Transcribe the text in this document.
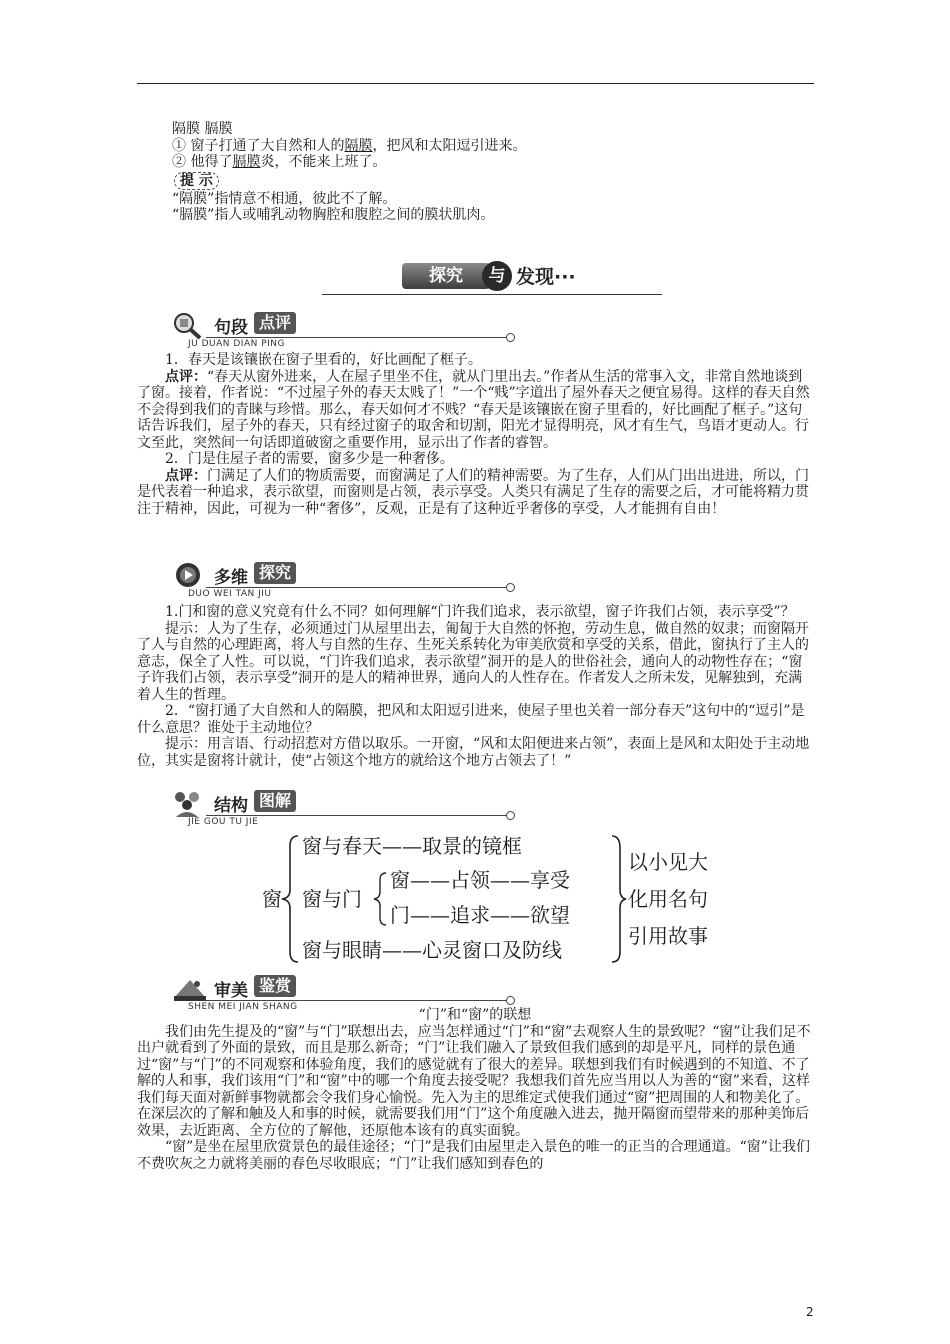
隔膜 膈膜

① 窗子打通了大自然和人的隔膜，把风和太阳逗引进来。

② 他得了膈膜炎，不能来上班了。

提 示

“隔膜”指情意不相通，彼此不了解。

“膈膜”指人或哺乳动物胸腔和腹腔之间的膜状肌肉。

探究	与 发现···
句段 点评
JU DUAN DIAN PING

1．春天是该镶嵌在窗子里看的，好比画配了框子。

点评：“春天从窗外进来，人在屋子里坐不住，就从门里出去。”作者从生活的常事入文，非常自然地谈到了窗。接着，作者说：“不过屋子外的春天太贱了！”一个“贱”字道出了屋外春天之便宜易得。这样的春天自然不会得到我们的青睐与珍惜。那么，春天如何才不贱？“春天是该镶嵌在窗子里看的，好比画配了框子。”这句话告诉我们，屋子外的春天，只有经过窗子的取舍和切割，阳光才显得明亮，风才有生气，鸟语才更动人。行文至此，突然间一句话即道破窗之重要作用，显示出了作者的睿智。

2．门是住屋子者的需要，窗多少是一种奢侈。

点评：门满足了人们的物质需要，而窗满足了人们的精神需要。为了生存，人们从门出出进进，所以，门是代表着一种追求，表示欲望，而窗则是占领，表示享受。人类只有满足了生存的需要之后，才可能将精力贯注于精神，因此，可视为一种“奢侈”，反观，正是有了这种近乎奢侈的享受，人才能拥有自由！

多维 探究
DUO WEI TAN JIU

1.门和窗的意义究竟有什么不同？如何理解“门许我们追求，表示欲望，窗子许我们占领，表示享受”？

提示：人为了生存，必须通过门从屋里出去，匍匐于大自然的怀抱，劳动生息，做自然的奴隶；而窗隔开了人与自然的心理距离，将人与自然的生存、生死关系转化为审美欣赏和享受的关系，借此，窗执行了主人的意志，保全了人性。可以说，“门许我们追求，表示欲望”洞开的是人的世俗社会，通向人的动物性存在；“窗子许我们占领，表示享受”洞开的是人的精神世界，通向人的人性存在。作者发人之所未发，见解独到，充满着人生的哲理。

2．“窗打通了大自然和人的隔膜，把风和太阳逗引进来，使屋子里也关着一部分春天”这句中的“逗引”是什么意思？谁处于主动地位？

提示：用言语、行动招惹对方借以取乐。一开窗，“风和太阳便进来占领”，表面上是风和太阳处于主动地位，其实是窗将计就计，使“占领这个地方的就给这个地方占领去了！”

结构 图解
JIE GOU TU JIE
窗
窗与春天——取景的镜框
窗与门
窗——占领——享受
门——追求——欲望
窗与眼睛——心灵窗口及防线
以小见大
化用名句
引用故事
审美 鉴赏
SHEN MEI JIAN SHANG	“门”和“窗”的联想

我们由先生提及的“窗”与“门”联想出去，应当怎样通过“门”和“窗”去观察人生的景致呢？“窗”让我们足不出户就看到了外面的景致，而且是那么新奇；“门”让我们融入了景致但我们感到的却是平凡，同样的景色通过“窗”与“门”的不同观察和体验角度，我们的感觉就有了很大的差异。联想到我们有时候遇到的不知道、不了解的人和事，我们该用“门”和“窗”中的哪一个角度去接受呢？我想我们首先应当用以人为善的“窗”来看，这样我们每天面对新鲜事物就都会令我们身心愉悦。先入为主的思维定式使我们通过“窗”把周围的人和物美化了。在深层次的了解和触及人和事的时候，就需要我们用“门”这个角度融入进去，抛开隔窗而望带来的那种美饰后效果，去近距离、全方位的了解他，还原他本该有的真实面貌。

“窗”是坐在屋里欣赏景色的最佳途径；“门”是我们由屋里走入景色的唯一的正当的合理通道。“窗”让我们不费吹灰之力就将美丽的春色尽收眼底；“门”让我们感知到春色的

2
